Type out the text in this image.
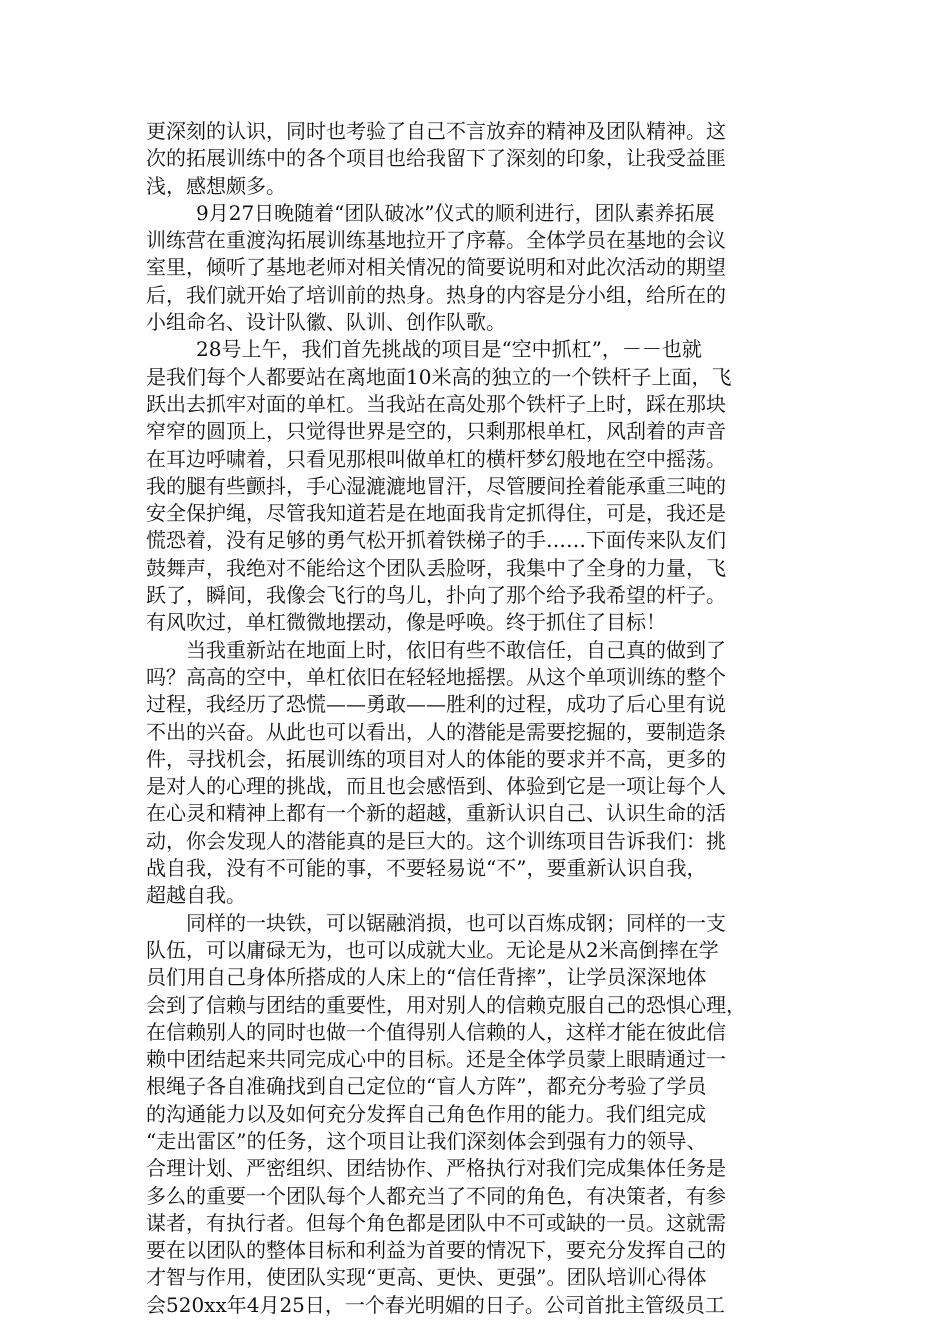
更深刻的认识，同时也考验了自己不言放弃的精神及团队精神。这
次的拓展训练中的各个项目也给我留下了深刻的印象，让我受益匪
浅，感想颇多。
9月27日晚随着“团队破冰”仪式的顺利进行，团队素养拓展
训练营在重渡沟拓展训练基地拉开了序幕。全体学员在基地的会议
室里，倾听了基地老师对相关情况的简要说明和对此次活动的期望
后，我们就开始了培训前的热身。热身的内容是分小组，给所在的
小组命名、设计队徽、队训、创作队歌。
28号上午，我们首先挑战的项目是“空中抓杠”，－－也就
是我们每个人都要站在离地面10米高的独立的一个铁杆子上面，飞
跃出去抓牢对面的单杠。当我站在高处那个铁杆子上时，踩在那块
窄窄的圆顶上，只觉得世界是空的，只剩那根单杠，风刮着的声音
在耳边呼啸着，只看见那根叫做单杠的横杆梦幻般地在空中摇荡。
我的腿有些颤抖，手心湿漉漉地冒汗，尽管腰间拴着能承重三吨的
安全保护绳，尽管我知道若是在地面我肯定抓得住，可是，我还是
慌恐着，没有足够的勇气松开抓着铁梯子的手……下面传来队友们
鼓舞声，我绝对不能给这个团队丢脸呀，我集中了全身的力量，飞
跃了，瞬间，我像会飞行的鸟儿，扑向了那个给予我希望的杆子。
有风吹过，单杠微微地摆动，像是呼唤。终于抓住了目标！
当我重新站在地面上时，依旧有些不敢信任，自己真的做到了
吗？高高的空中，单杠依旧在轻轻地摇摆。从这个单项训练的整个
过程，我经历了恐慌——勇敢——胜利的过程，成功了后心里有说
不出的兴奋。从此也可以看出，人的潜能是需要挖掘的，要制造条
件，寻找机会，拓展训练的项目对人的体能的要求并不高，更多的
是对人的心理的挑战，而且也会感悟到、体验到它是一项让每个人
在心灵和精神上都有一个新的超越，重新认识自己、认识生命的活
动，你会发现人的潜能真的是巨大的。这个训练项目告诉我们：挑
战自我，没有不可能的事，不要轻易说“不”，要重新认识自我，
超越自我。
同样的一块铁，可以锯融消损，也可以百炼成钢；同样的一支
队伍，可以庸碌无为，也可以成就大业。无论是从2米高倒摔在学
员们用自己身体所搭成的人床上的“信任背摔”，让学员深深地体
会到了信赖与团结的重要性，用对别人的信赖克服自己的恐惧心理，
在信赖别人的同时也做一个值得别人信赖的人，这样才能在彼此信
赖中团结起来共同完成心中的目标。还是全体学员蒙上眼睛通过一
根绳子各自准确找到自己定位的“盲人方阵”，都充分考验了学员
的沟通能力以及如何充分发挥自己角色作用的能力。我们组完成
“走出雷区”的任务，这个项目让我们深刻体会到强有力的领导、
合理计划、严密组织、团结协作、严格执行对我们完成集体任务是
多么的重要一个团队每个人都充当了不同的角色，有决策者，有参
谋者，有执行者。但每个角色都是团队中不可或缺的一员。这就需
要在以团队的整体目标和利益为首要的情况下，要充分发挥自己的
才智与作用，使团队实现“更高、更快、更强”。团队培训心得体
会520xx年4月25日，一个春光明媚的日子。公司首批主管级员工
